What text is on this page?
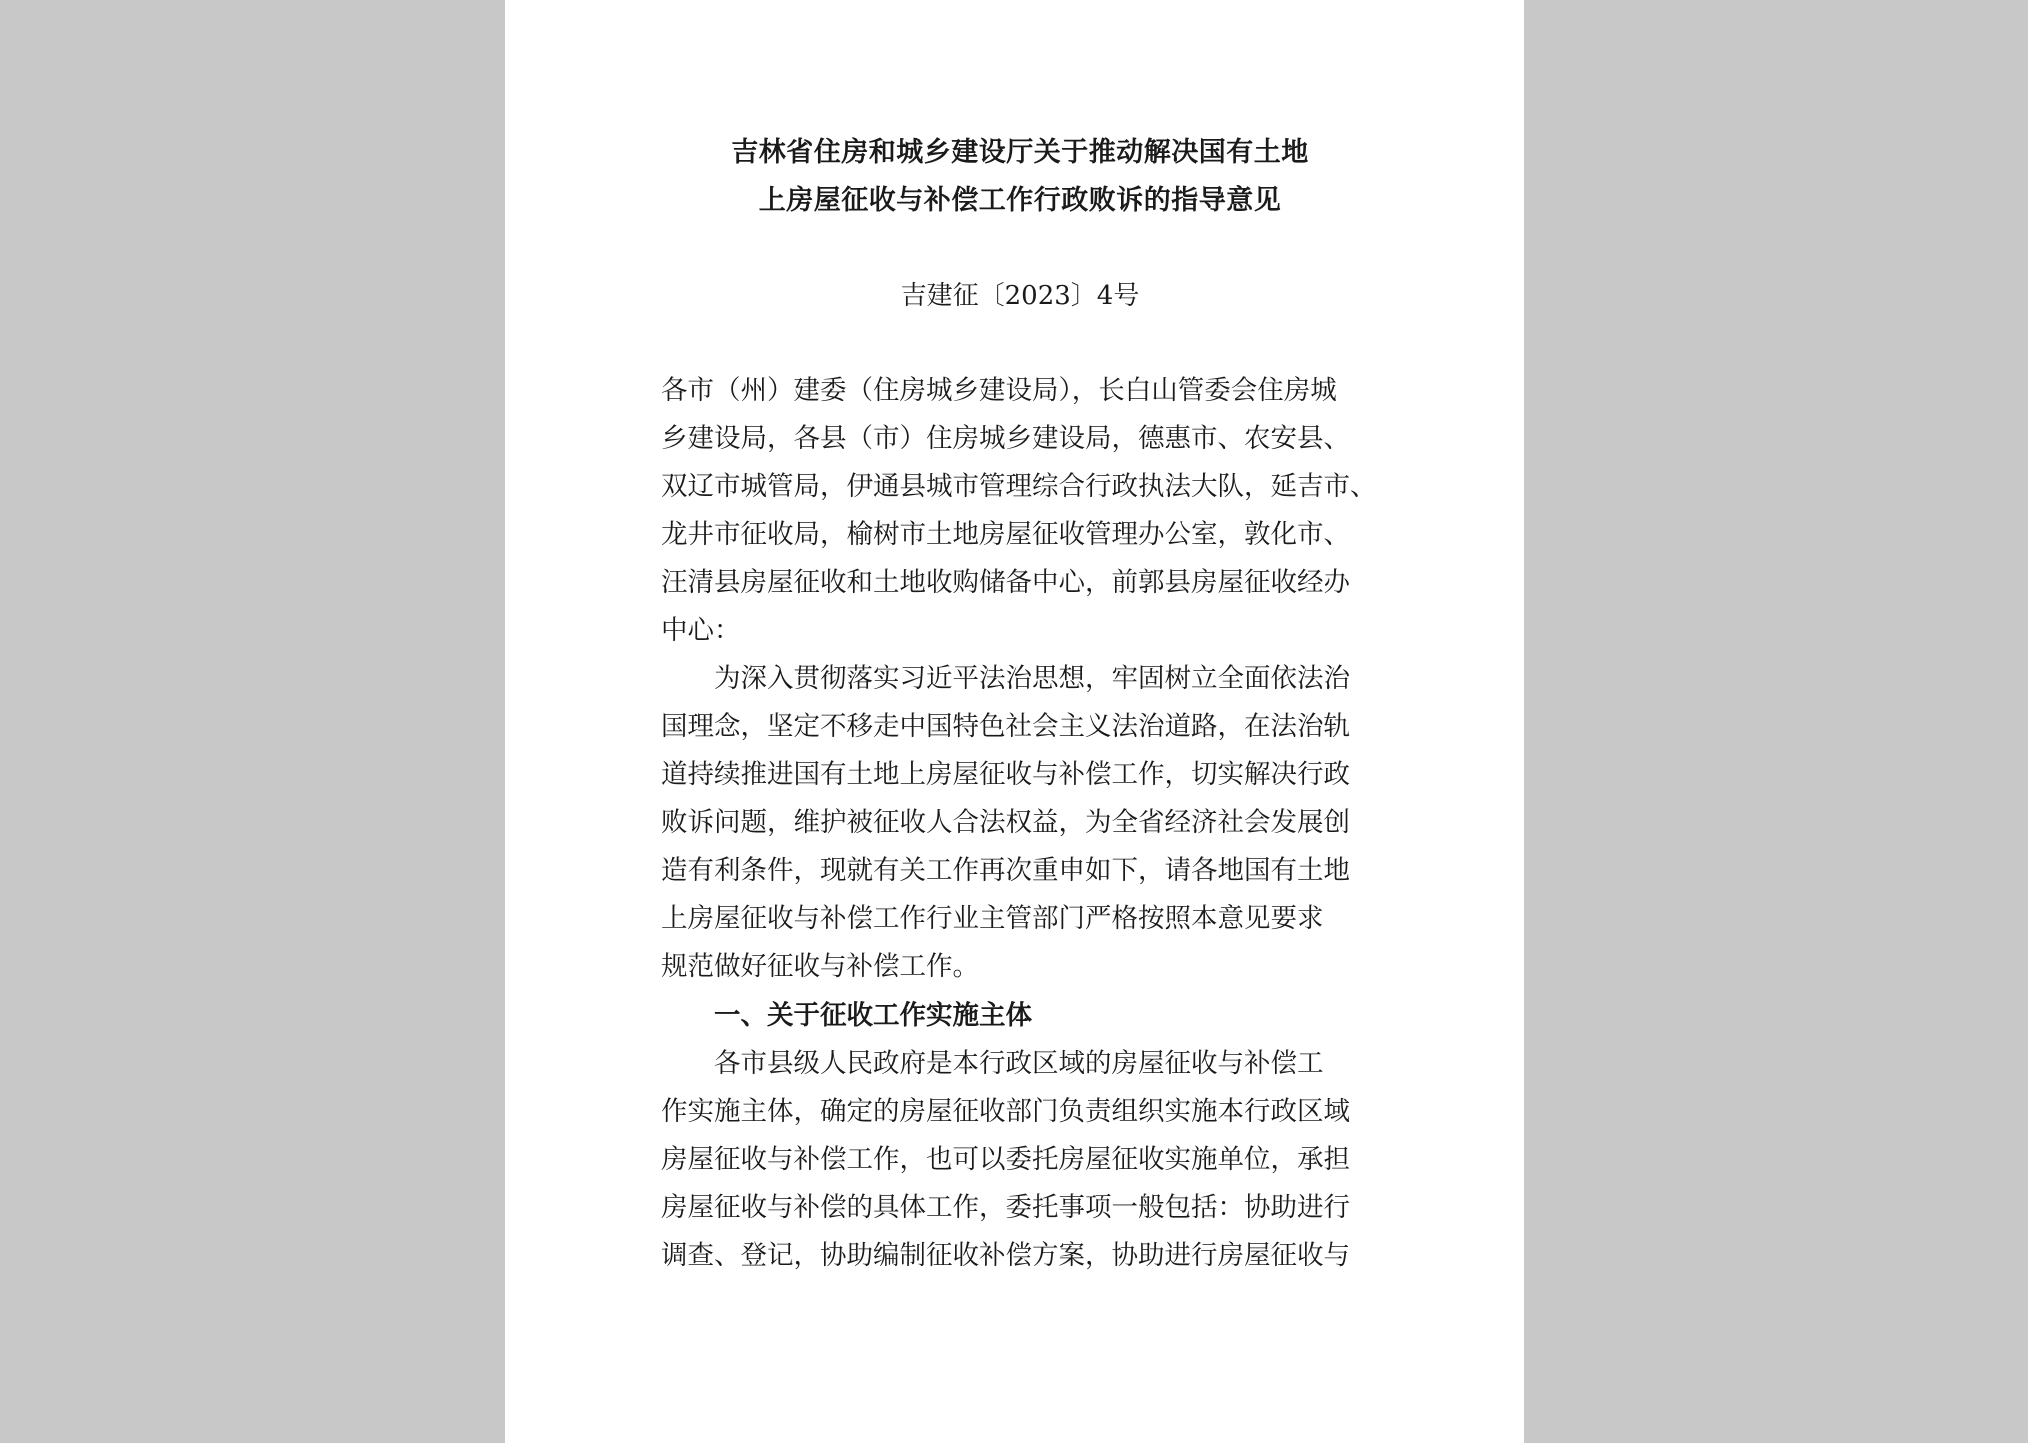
吉林省住房和城乡建设厅关于推动解决国有土地
上房屋征收与补偿工作行政败诉的指导意见
吉建征〔2023〕4号
各市（州）建委（住房城乡建设局），长白山管委会住房城
乡建设局，各县（市）住房城乡建设局，德惠市、农安县、
双辽市城管局，伊通县城市管理综合行政执法大队，延吉市、
龙井市征收局，榆树市土地房屋征收管理办公室，敦化市、
汪清县房屋征收和土地收购储备中心，前郭县房屋征收经办
中心：
为深入贯彻落实习近平法治思想，牢固树立全面依法治
国理念，坚定不移走中国特色社会主义法治道路，在法治轨
道持续推进国有土地上房屋征收与补偿工作，切实解决行政
败诉问题，维护被征收人合法权益，为全省经济社会发展创
造有利条件，现就有关工作再次重申如下，请各地国有土地
上房屋征收与补偿工作行业主管部门严格按照本意见要求
规范做好征收与补偿工作。
一、关于征收工作实施主体
各市县级人民政府是本行政区域的房屋征收与补偿工
作实施主体，确定的房屋征收部门负责组织实施本行政区域
房屋征收与补偿工作，也可以委托房屋征收实施单位，承担
房屋征收与补偿的具体工作，委托事项一般包括：协助进行
调查、登记，协助编制征收补偿方案，协助进行房屋征收与
